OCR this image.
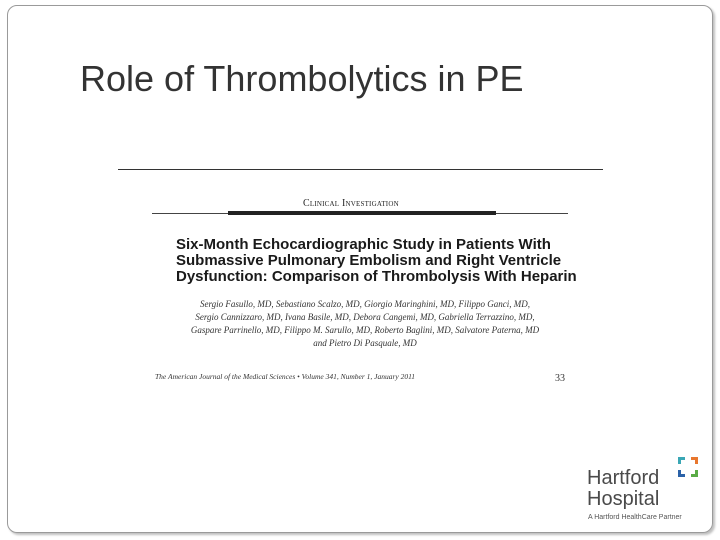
Role of Thrombolytics in PE
Clinical Investigation
Six-Month Echocardiographic Study in Patients With
Submassive Pulmonary Embolism and Right Ventricle
Dysfunction: Comparison of Thrombolysis With Heparin
Sergio Fasullo, MD, Sebastiano Scalzo, MD, Giorgio Maringhini, MD, Filippo Ganci, MD,
Sergio Cannizzaro, MD, Ivana Basile, MD, Debora Cangemi, MD, Gabriella Terrazzino, MD,
Gaspare Parrinello, MD, Filippo M. Sarullo, MD, Roberto Baglini, MD, Salvatore Paterna, MD
and Pietro Di Pasquale, MD
The American Journal of the Medical Sciences • Volume 341, Number 1, January 2011	33
Hartford
Hospital
A Hartford HealthCare Partner
